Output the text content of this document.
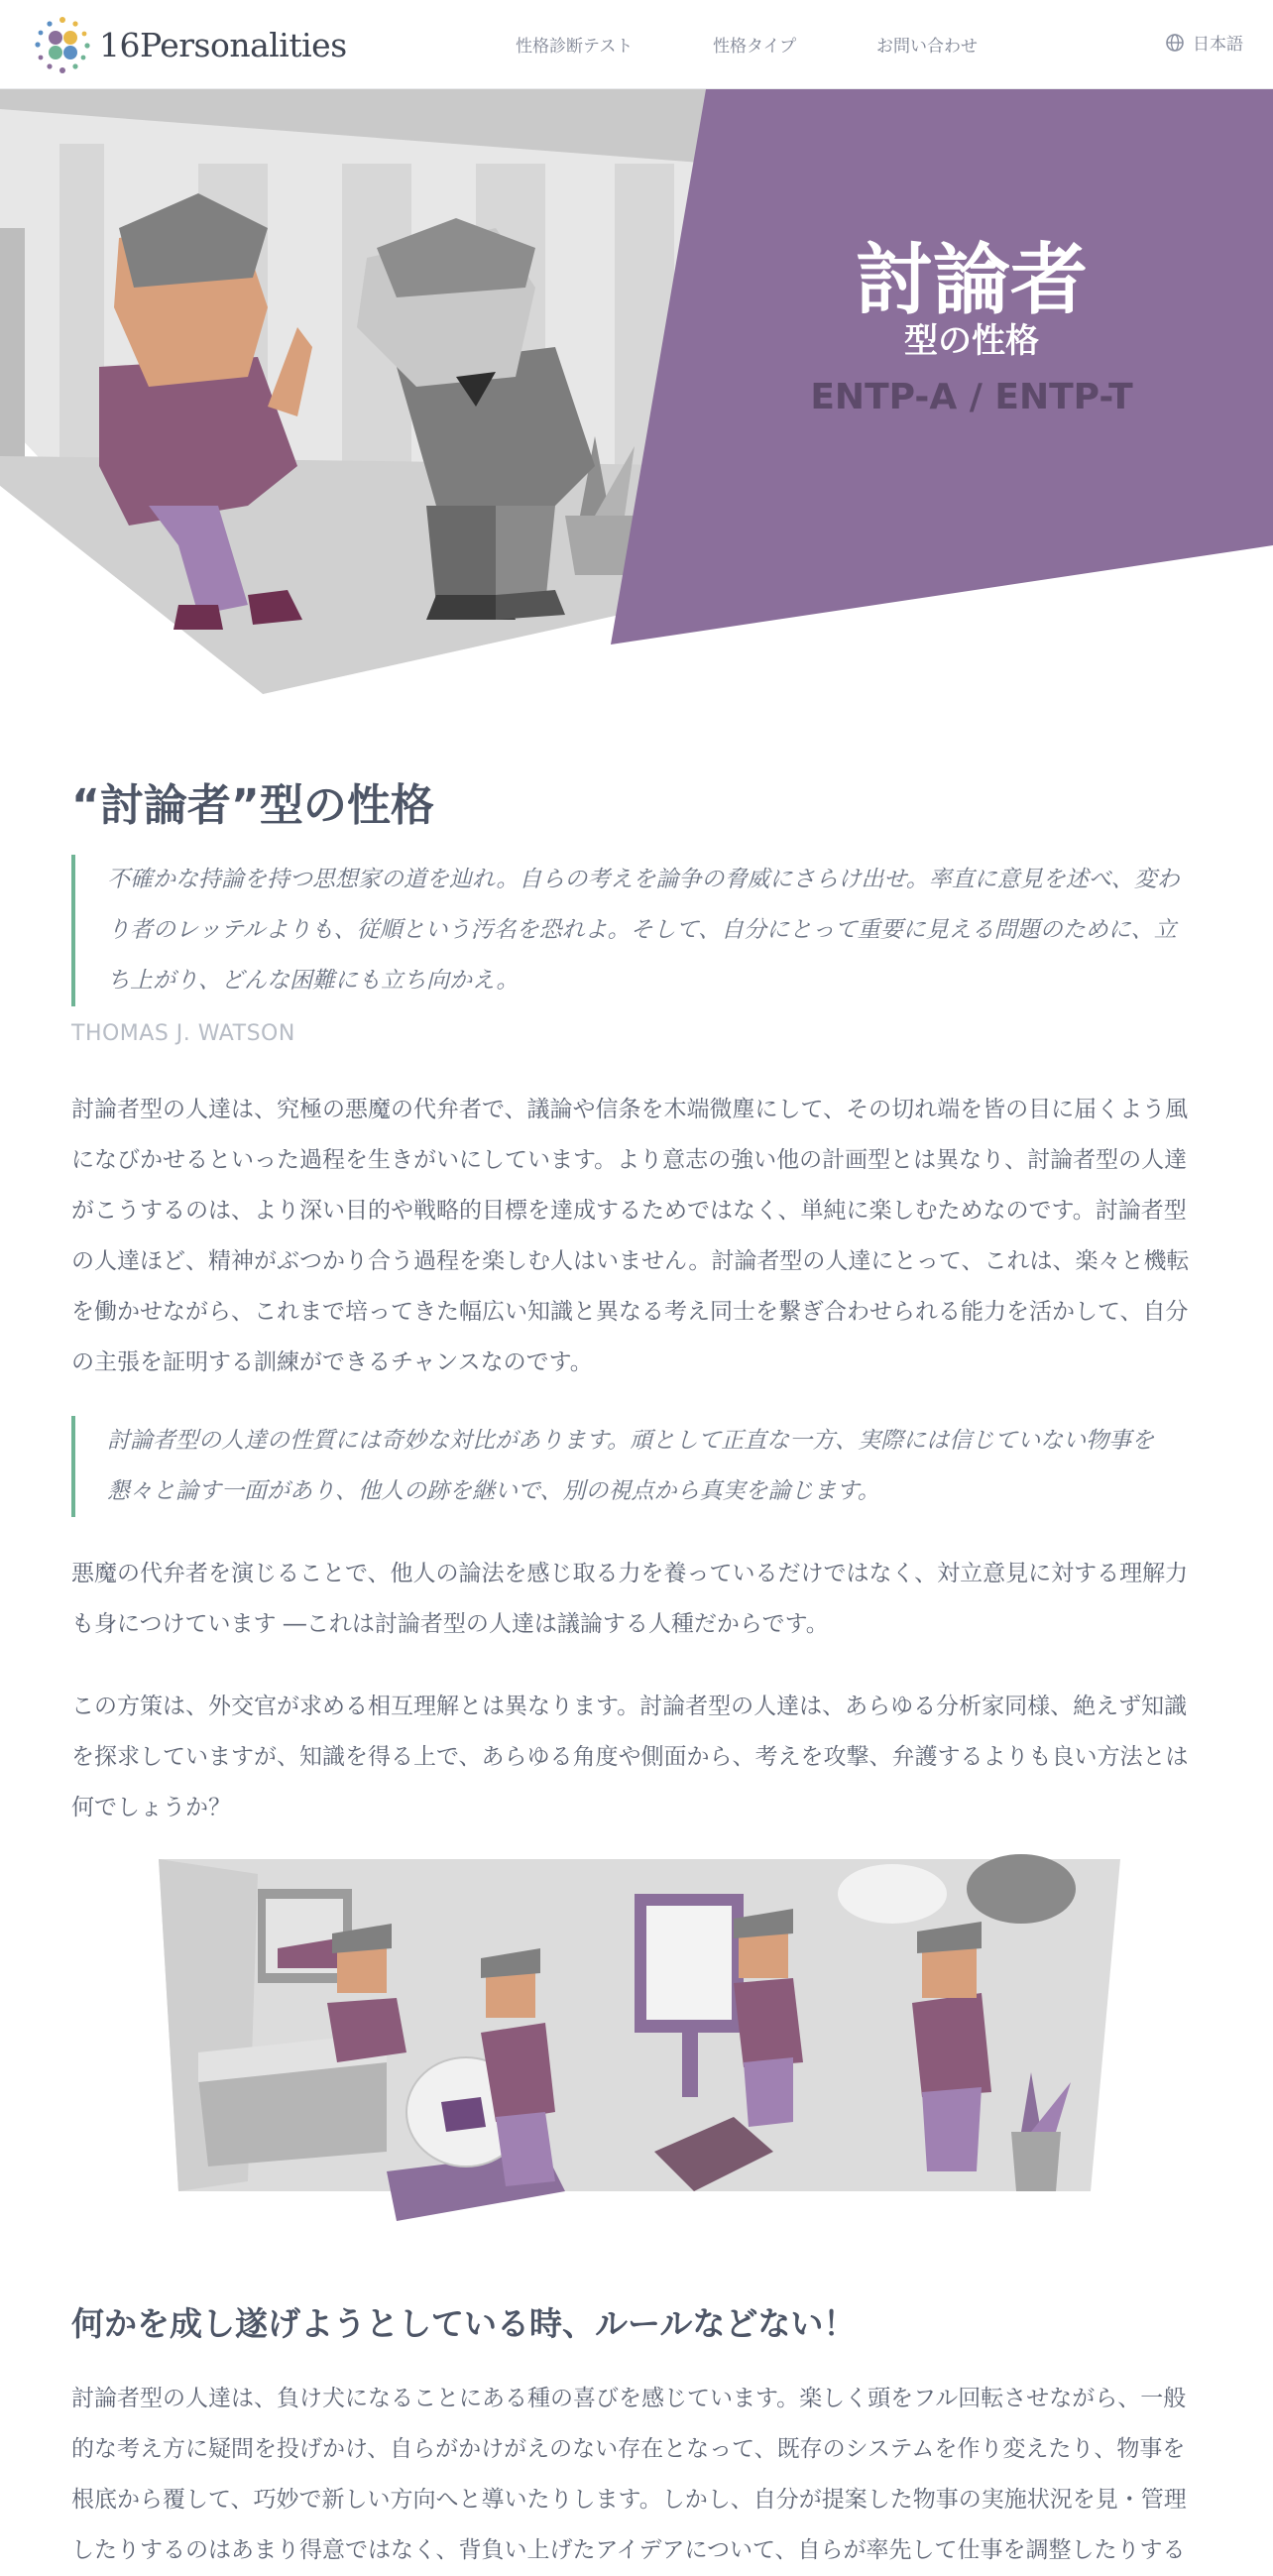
16Personalities	性格診断テスト	性格タイプ	お問い合わせ	日本語
討論者
型の性格
ENTP-A / ENTP-T
“討論者”型の性格
不確かな持論を持つ思想家の道を辿れ。自らの考えを論争の脅威にさらけ出せ。率直に意見を述べ、変わり者のレッテルよりも、従順という汚名を恐れよ。そして、自分にとって重要に見える問題のために、立ち上がり、どんな困難にも立ち向かえ。
THOMAS J. WATSON

討論者型の人達は、究極の悪魔の代弁者で、議論や信条を木端微塵にして、その切れ端を皆の目に届くよう風になびかせるといった過程を生きがいにしています。より意志の強い他の計画型とは異なり、討論者型の人達がこうするのは、より深い目的や戦略的目標を達成するためではなく、単純に楽しむためなのです。討論者型の人達ほど、精神がぶつかり合う過程を楽しむ人はいません。討論者型の人達にとって、これは、楽々と機転を働かせながら、これまで培ってきた幅広い知識と異なる考え同士を繋ぎ合わせられる能力を活かして、自分の主張を証明する訓練ができるチャンスなのです。

討論者型の人達の性質には奇妙な対比があります。頑として正直な一方、実際には信じていない物事を懇々と論す一面があり、他人の跡を継いで、別の視点から真実を論じます。

悪魔の代弁者を演じることで、他人の論法を感じ取る力を養っているだけではなく、対立意見に対する理解力も身につけています ―これは討論者型の人達は議論する人種だからです。

この方策は、外交官が求める相互理解とは異なります。討論者型の人達は、あらゆる分析家同様、絶えず知識を探求していますが、知識を得る上で、あらゆる角度や側面から、考えを攻撃、弁護するよりも良い方法とは何でしょうか？

何かを成し遂げようとしている時、ルールなどない！

討論者型の人達は、負け犬になることにある種の喜びを感じています。楽しく頭をフル回転させながら、一般的な考え方に疑問を投げかけ、自らがかけがえのない存在となって、既存のシステムを作り変えたり、物事を根底から覆して、巧妙で新しい方向へと導いたりします。しかし、自分が提案した物事の実施状況を見・管理したりするのはあまり得意ではなく、背負い上げたアイデアについて、自らが率先して仕事を調整したりする
